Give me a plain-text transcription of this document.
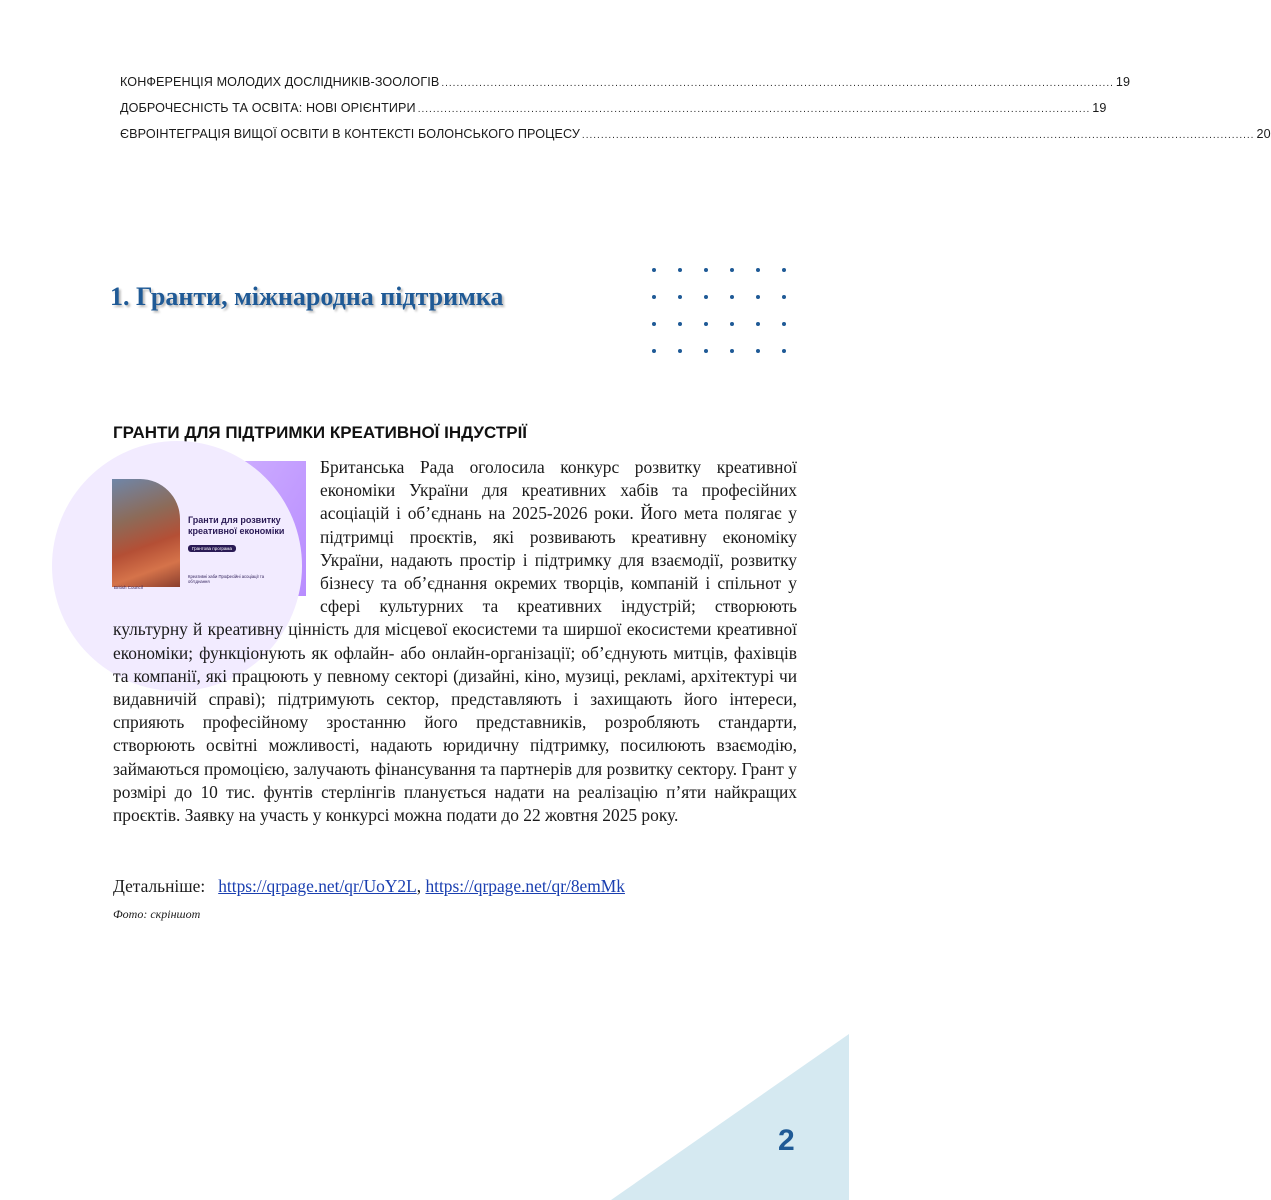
КОНФЕРЕНЦІЯ МОЛОДИХ ДОСЛІДНИКІВ-ЗООЛОГІВ .................................................................................................................................................................................. 19
ДОБРОЧЕСНІСТЬ ТА ОСВІТА: НОВІ ОРІЄНТИРИ .................................................................................................................................................................................. 19
ЄВРОІНТЕГРАЦІЯ ВИЩОЇ ОСВІТИ В КОНТЕКСТІ БОЛОНСЬКОГО ПРОЦЕСУ .................................................................................................................................................................................. 20
1. Гранти, міжнародна підтримка
ГРАНТИ ДЛЯ ПІДТРИМКИ КРЕАТИВНОЇ ІНДУСТРІЇ
Гранти для розвитку креативної економіки
Грантова програма
Креативні хаби Професійні асоціації та об'єднання
British Council

Британська Рада оголосила конкурс розвитку креативної економіки України для креативних хабів та професійних асоціацій і об’єднань на 2025-2026 роки. Його мета полягає у підтримці проєктів, які розвивають креативну економіку України, надають простір і підтримку для взаємодії, розвитку бізнесу та об’єднання окремих творців, компаній і спільнот у сфері культурних та креативних індустрій; створюють культурну й креативну цінність для місцевої екосистеми та ширшої екосистеми креативної економіки; функціонують як офлайн- або онлайн-організації; об’єднують митців, фахівців та компанії, які працюють у певному секторі (дизайні, кіно, музиці, рекламі, архітектурі чи видавничій справі); підтримують сектор, представляють і захищають його інтереси, сприяють професійному зростанню його представників, розробляють стандарти, створюють освітні можливості, надають юридичну підтримку, посилюють взаємодію, займаються промоцією, залучають фінансування та партнерів для розвитку сектору. Грант у розмірі до 10 тис. фунтів стерлінгів планується надати на реалізацію п’яти найкращих проєктів. Заявку на участь у конкурсі можна подати до 22 жовтня 2025 року.

Детальніше: https://qrpage.net/qr/UoY2L, https://qrpage.net/qr/8emMk

Фото: скріншот

2
